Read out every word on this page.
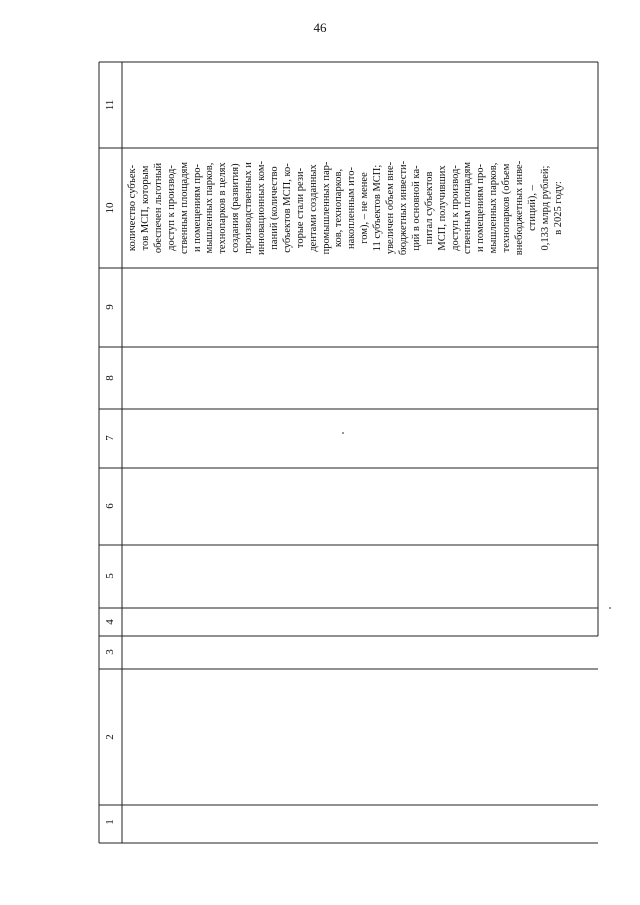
46
1
2
3
4
5
6
7
8
9
10
11
количество субъек- тов МСП, которым обеспечен льготный доступ к производ- ственным площадям и помещениям про- мышленных парков, технопарков в целях создания (развития) производственных и инновационных ком- паний (количество субъектов МСП, ко- торые стали рези- дентами созданных промышленных пар- ков, технопарков, накопленным ито- гом), – не менее 11 субъектов МСП; увеличен объем вне- бюджетных инвести- ций в основной ка- питал субъектов МСП, получивших доступ к производ- ственным площадям и помещениям про- мышленных парков, технопарков (объем внебюджетных инве- стиций), – 0,133 млрд рублей; в 2025 году:
